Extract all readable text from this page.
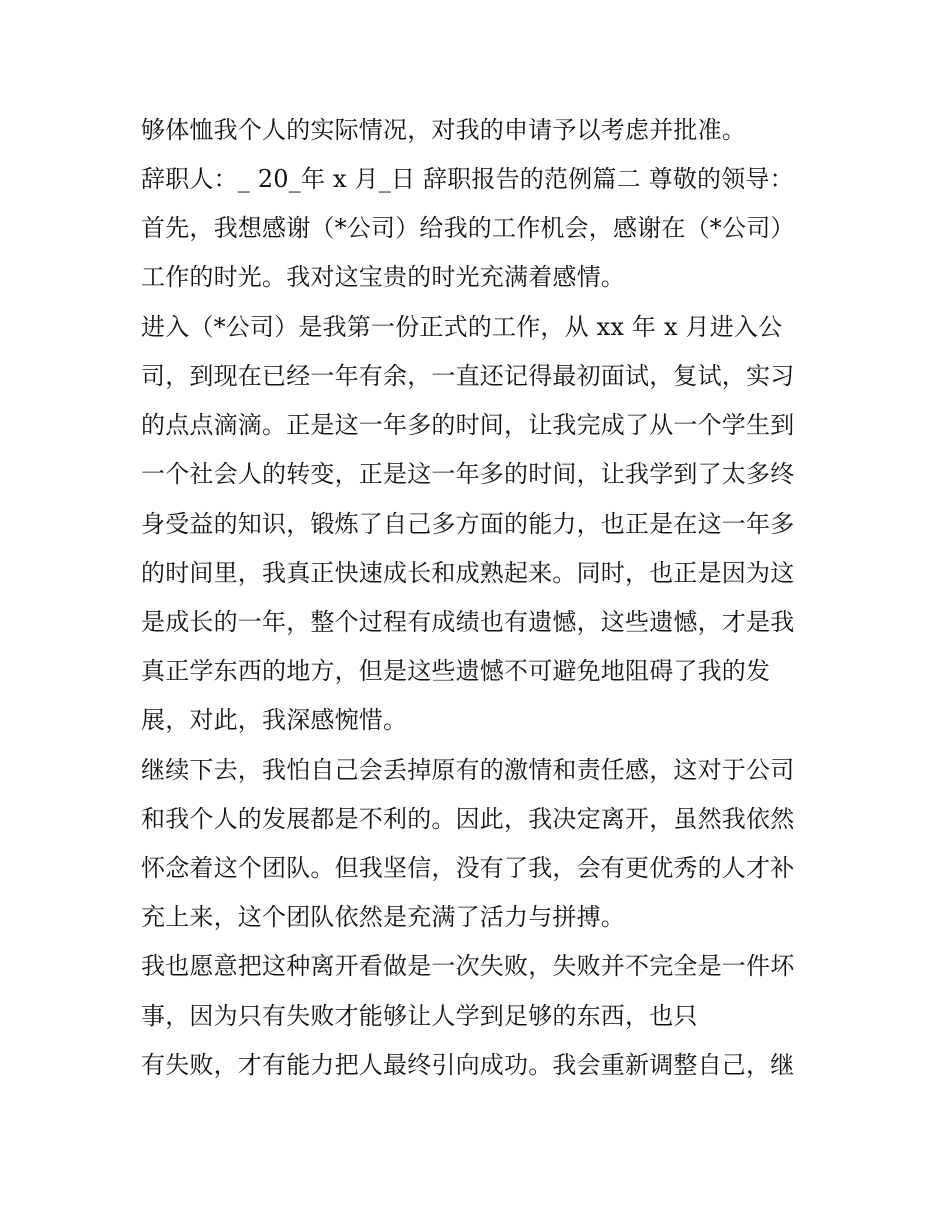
够体恤我个人的实际情况，对我的申请予以考虑并批准。
辞职人：_ 20_年 x 月_日 辞职报告的范例篇二 尊敬的领导：
首先，我想感谢（*公司）给我的工作机会，感谢在（*公司）
工作的时光。我对这宝贵的时光充满着感情。
进入（*公司）是我第一份正式的工作，从 xx 年 x 月进入公
司，到现在已经一年有余，一直还记得最初面试，复试，实习
的点点滴滴。正是这一年多的时间，让我完成了从一个学生到
一个社会人的转变，正是这一年多的时间，让我学到了太多终
身受益的知识，锻炼了自己多方面的能力，也正是在这一年多
的时间里，我真正快速成长和成熟起来。同时，也正是因为这
是成长的一年，整个过程有成绩也有遗憾，这些遗憾，才是我
真正学东西的地方，但是这些遗憾不可避免地阻碍了我的发
展，对此，我深感惋惜。
继续下去，我怕自己会丢掉原有的激情和责任感，这对于公司
和我个人的发展都是不利的。因此，我决定离开，虽然我依然
怀念着这个团队。但我坚信，没有了我，会有更优秀的人才补
充上来，这个团队依然是充满了活力与拼搏。
我也愿意把这种离开看做是一次失败，失败并不完全是一件坏
事，因为只有失败才能够让人学到足够的东西，也只
有失败，才有能力把人最终引向成功。我会重新调整自己，继
